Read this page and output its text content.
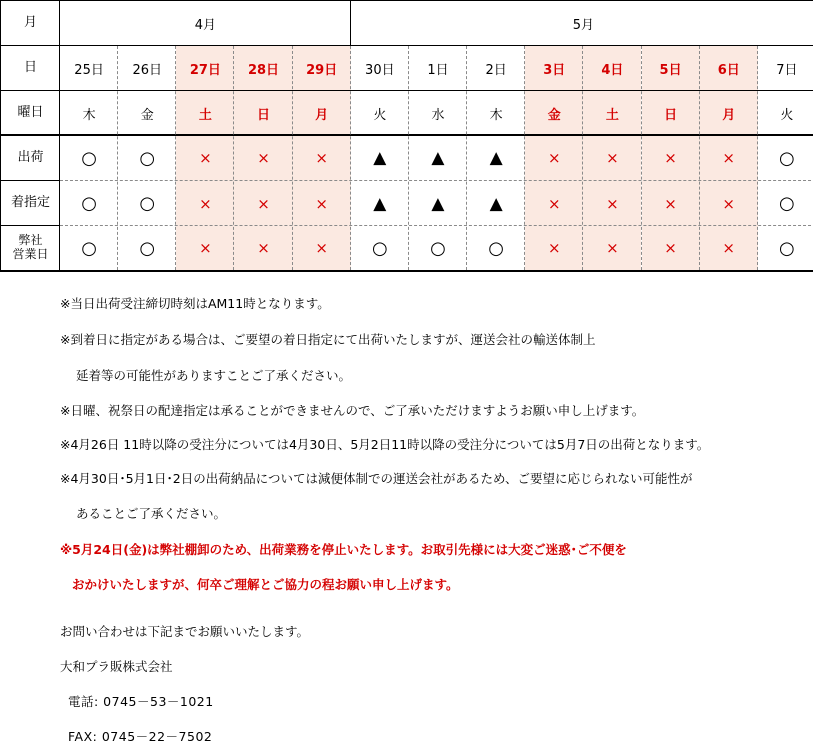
月
日
曜日
出荷
着指定
弊社
営業日
4月	5月
25日
木
○
○
○
26日
金
○
○
○
27日
土
×
×
×
28日
日
×
×
×
29日
月
×
×
×
30日
火
▲
▲
○
1日
水
▲
▲
○
2日
木
▲
▲
○
3日
金
×
×
×
4日
土
×
×
×
5日
日
×
×
×
6日
月
×
×
×
7日
火
○
○
○
※当日出荷受注締切時刻はAM11時となります。
※到着日に指定がある場合は、ご要望の着日指定にて出荷いたしますが、運送会社の輸送体制上
延着等の可能性がありますことご了承ください。
※日曜、祝祭日の配達指定は承ることができませんので、ご了承いただけますようお願い申し上げます。
※4月26日 11時以降の受注分については4月30日、5月2日11時以降の受注分については5月7日の出荷となります。
※4月30日･5月1日･2日の出荷納品については減便体制での運送会社があるため、ご要望に応じられない可能性が
あることご了承ください。
※5月24日(金)は弊社棚卸のため、出荷業務を停止いたします。お取引先様には大変ご迷惑･ご不便を
おかけいたしますが、何卒ご理解とご協力の程お願い申し上げます。
お問い合わせは下記までお願いいたします。
大和プラ販株式会社
電話: 0745－53－1021
FAX: 0745－22－7502
